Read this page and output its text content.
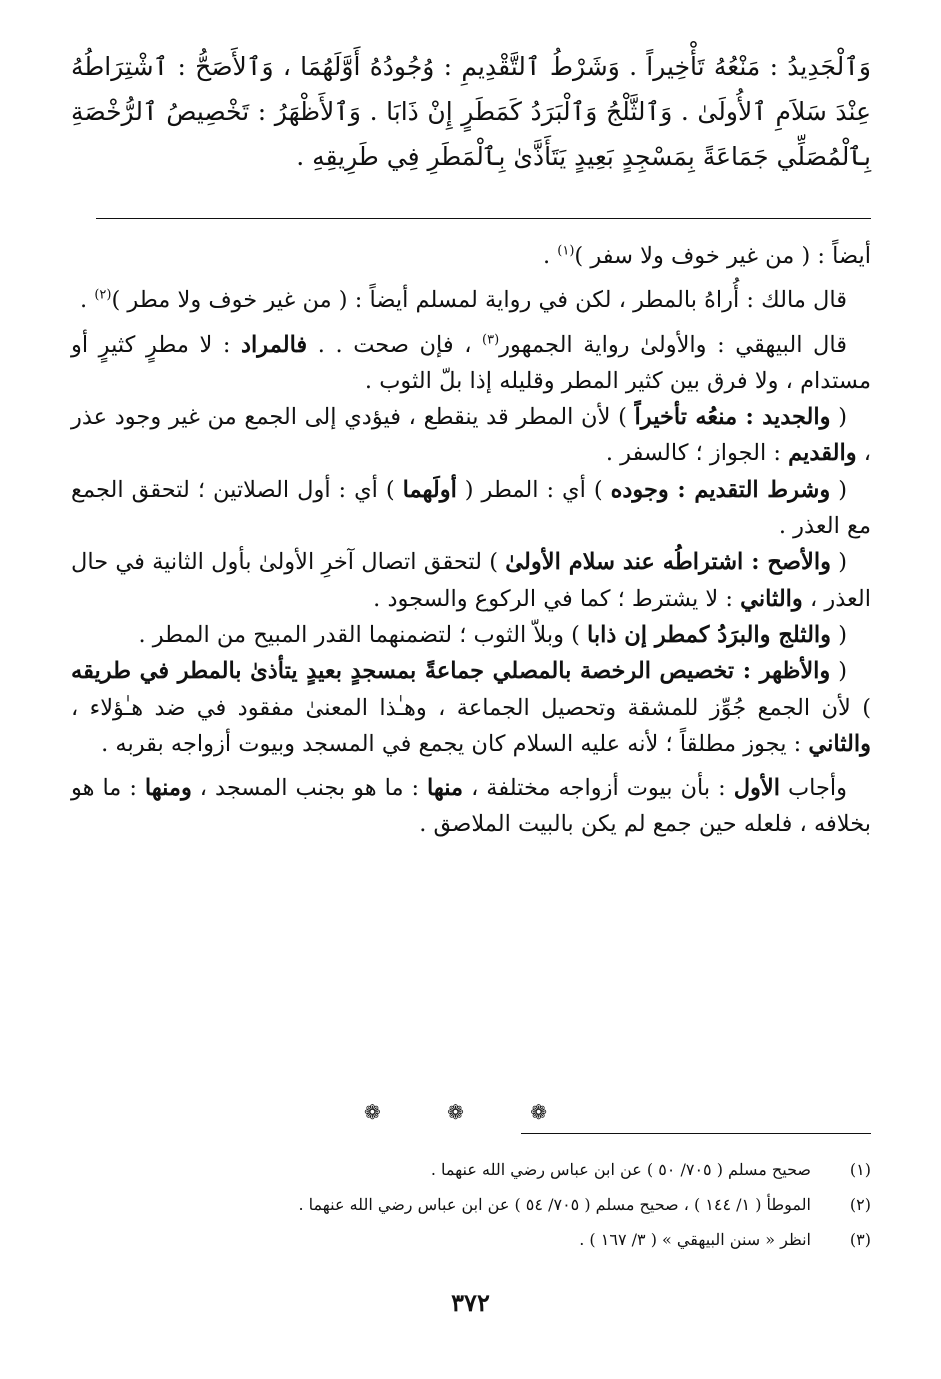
وَٱلْجَدِيدُ : مَنْعُهُ تَأْخِيراً . وَشَرْطُ ٱلتَّقْدِيمِ : وُجُودُهُ أَوَّلَهُمَا ، وَٱلأَصَحُّ : ٱشْتِرَاطُهُ عِنْدَ سَلاَمِ ٱلأُولَىٰ . وَٱلثَّلْجُ وَٱلْبَرَدُ كَمَطَرٍ إِنْ ذَابَا . وَٱلأَظْهَرُ : تَخْصِيصُ ٱلرُّخْصَةِ بِٱلْمُصَلِّي جَمَاعَةً بِمَسْجِدٍ بَعِيدٍ يَتَأَذَّىٰ بِٱلْمَطَرِ فِي طَرِيقِهِ .

أيضاً : ( من غير خوف ولا سفر )$^{(١)}$ .

قال مالك : أُراهُ بالمطر ، لكن في رواية لمسلم أيضاً : ( من غير خوف ولا مطر )$^{(٢)}$ .

قال البيهقي : والأولىٰ رواية الجمهور$^{(٣)}$ ، فإن صحت . . فالمراد : لا مطرٍ كثيرٍ أو مستدام ، ولا فرق بين كثير المطر وقليله إذا بلّ الثوب .

( والجديد : منعُه تأخيراً ) لأن المطر قد ينقطع ، فيؤدي إلى الجمع من غير وجود عذر ، والقديم : الجواز ؛ كالسفر .

( وشرط التقديم : وجوده ) أي : المطر ( أولَهما ) أي : أول الصلاتين ؛ لتحقق الجمع مع العذر .

( والأصح : اشتراطُه عند سلام الأولىٰ ) لتحقق اتصال آخرِ الأولىٰ بأول الثانية في حال العذر ، والثاني : لا يشترط ؛ كما في الركوع والسجود .

( والثلج والبرَدُ كمطر إن ذابا ) وبلاّ الثوب ؛ لتضمنهما القدر المبيح من المطر .

( والأظهر : تخصيص الرخصة بالمصلي جماعةً بمسجدٍ بعيدٍ يتأذىٰ بالمطر في طريقه ) لأن الجمع جُوِّز للمشقة وتحصيل الجماعة ، وهـٰذا المعنىٰ مفقود في ضد هـٰؤلاء ، والثاني : يجوز مطلقاً ؛ لأنه عليه السلام كان يجمع في المسجد وبيوت أزواجه بقربه .

وأجاب الأول : بأن بيوت أزواجه مختلفة ، منها : ما هو بجنب المسجد ، ومنها : ما هو بخلافه ، فلعله حين جمع لم يكن بالبيت الملاصق .

❁ ❁ ❁
(١)صحيح مسلم ( ٧٠٥/ ٥٠ ) عن ابن عباس رضي الله عنهما .
(٢)الموطأ ( ١/ ١٤٤ ) ، صحيح مسلم ( ٧٠٥/ ٥٤ ) عن ابن عباس رضي الله عنهما .
(٣)انظر « سنن البيهقي » ( ٣/ ١٦٧ ) .
٣٧٢
